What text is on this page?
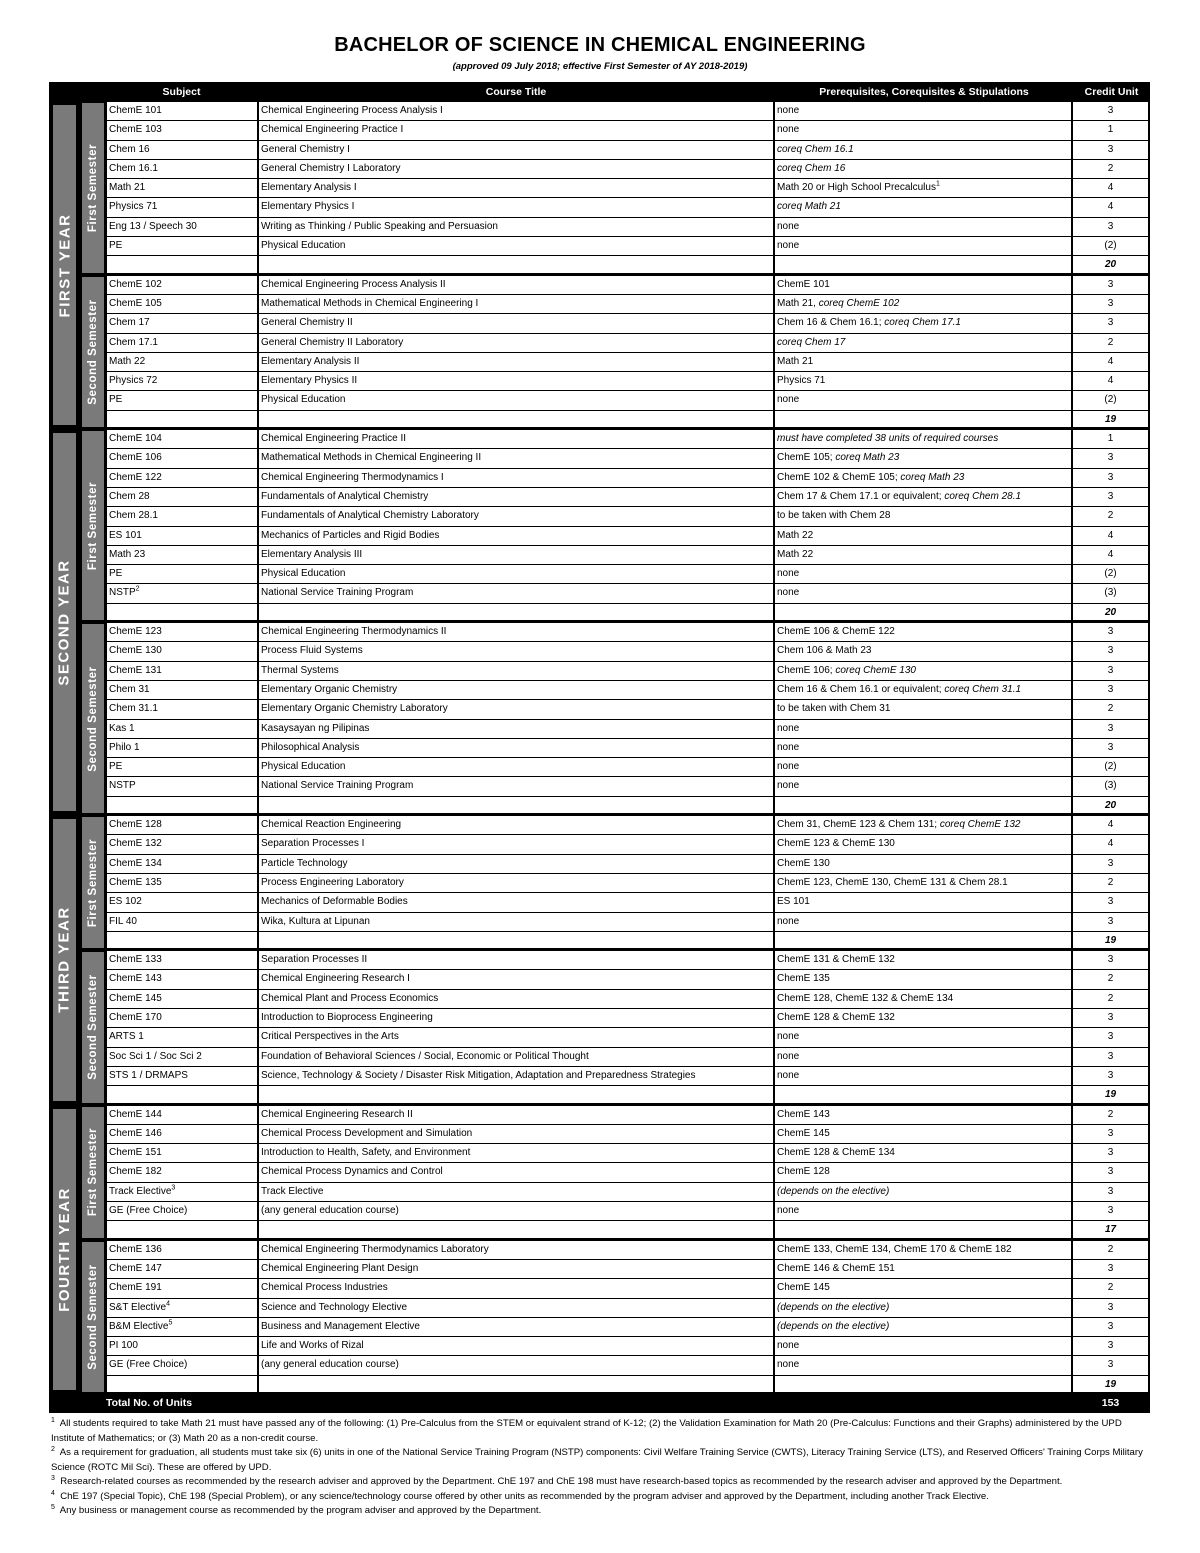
BACHELOR OF SCIENCE IN CHEMICAL ENGINEERING
(approved 09 July 2018; effective First Semester of AY 2018-2019)
Subject	Course Title	Prerequisites, Corequisites & Stipulations	Credit Unit
First Semester
ChemE 101	Chemical Engineering Process Analysis I	none	3
ChemE 103	Chemical Engineering Practice I	none	1
Chem 16	General Chemistry I	coreq Chem 16.1	3
Chem 16.1	General Chemistry I Laboratory	coreq Chem 16	2
Math 21	Elementary Analysis I	Math 20 or High School Precalculus$^1$	4
Physics 71	Elementary Physics I	coreq Math 21	4
Eng 13 / Speech 30	Writing as Thinking / Public Speaking and Persuasion	none	3
PE	Physical Education	none	(2)
20
Second Semester
ChemE 102	Chemical Engineering Process Analysis II	ChemE 101	3
ChemE 105	Mathematical Methods in Chemical Engineering I	Math 21, coreq ChemE 102	3
Chem 17	General Chemistry II	Chem 16 & Chem 16.1; coreq Chem 17.1	3
Chem 17.1	General Chemistry II Laboratory	coreq Chem 17	2
Math 22	Elementary Analysis II	Math 21	4
Physics 72	Elementary Physics II	Physics 71	4
PE	Physical Education	none	(2)
19
FIRST YEAR
First Semester
ChemE 104	Chemical Engineering Practice II	must have completed 38 units of required courses	1
ChemE 106	Mathematical Methods in Chemical Engineering II	ChemE 105; coreq Math 23	3
ChemE 122	Chemical Engineering Thermodynamics I	ChemE 102 & ChemE 105; coreq Math 23	3
Chem 28	Fundamentals of Analytical Chemistry	Chem 17 & Chem 17.1 or equivalent; coreq Chem 28.1	3
Chem 28.1	Fundamentals of Analytical Chemistry Laboratory	to be taken with Chem 28	2
ES 101	Mechanics of Particles and Rigid Bodies	Math 22	4
Math 23	Elementary Analysis III	Math 22	4
PE	Physical Education	none	(2)
NSTP$^2$	National Service Training Program	none	(3)
20
Second Semester
ChemE 123	Chemical Engineering Thermodynamics II	ChemE 106 & ChemE 122	3
ChemE 130	Process Fluid Systems	Chem 106 & Math 23	3
ChemE 131	Thermal Systems	ChemE 106; coreq ChemE 130	3
Chem 31	Elementary Organic Chemistry	Chem 16 & Chem 16.1 or equivalent; coreq Chem 31.1	3
Chem 31.1	Elementary Organic Chemistry Laboratory	to be taken with Chem 31	2
Kas 1	Kasaysayan ng Pilipinas	none	3
Philo 1	Philosophical Analysis	none	3
PE	Physical Education	none	(2)
NSTP	National Service Training Program	none	(3)
20
SECOND YEAR
First Semester
ChemE 128	Chemical Reaction Engineering	Chem 31, ChemE 123 & Chem 131; coreq ChemE 132	4
ChemE 132	Separation Processes I	ChemE 123 & ChemE 130	4
ChemE 134	Particle Technology	ChemE 130	3
ChemE 135	Process Engineering Laboratory	ChemE 123, ChemE 130, ChemE 131 & Chem 28.1	2
ES 102	Mechanics of Deformable Bodies	ES 101	3
FIL 40	Wika, Kultura at Lipunan	none	3
19
Second Semester
ChemE 133	Separation Processes II	ChemE 131 & ChemE 132	3
ChemE 143	Chemical Engineering Research I	ChemE 135	2
ChemE 145	Chemical Plant and Process Economics	ChemE 128, ChemE 132 & ChemE 134	2
ChemE 170	Introduction to Bioprocess Engineering	ChemE 128 & ChemE 132	3
ARTS 1	Critical Perspectives in the Arts	none	3
Soc Sci 1 / Soc Sci 2	Foundation of Behavioral Sciences / Social, Economic or Political Thought	none	3
STS 1 / DRMAPS	Science, Technology & Society / Disaster Risk Mitigation, Adaptation and Preparedness Strategies	none	3
19
THIRD YEAR
First Semester
ChemE 144	Chemical Engineering Research II	ChemE 143	2
ChemE 146	Chemical Process Development and Simulation	ChemE 145	3
ChemE 151	Introduction to Health, Safety, and Environment	ChemE 128 & ChemE 134	3
ChemE 182	Chemical Process Dynamics and Control	ChemE 128	3
Track Elective$^3$	Track Elective	(depends on the elective)	3
GE (Free Choice)	(any general education course)	none	3
17
Second Semester
ChemE 136	Chemical Engineering Thermodynamics Laboratory	ChemE 133, ChemE 134, ChemE 170 & ChemE 182	2
ChemE 147	Chemical Engineering Plant Design	ChemE 146 & ChemE 151	3
ChemE 191	Chemical Process Industries	ChemE 145	2
S&T Elective$^4$	Science and Technology Elective	(depends on the elective)	3
B&M Elective$^5$	Business and Management Elective	(depends on the elective)	3
PI 100	Life and Works of Rizal	none	3
GE (Free Choice)	(any general education course)	none	3
19
FOURTH YEAR
Total No. of Units	153

$^1$ All students required to take Math 21 must have passed any of the following: (1) Pre-Calculus from the STEM or equivalent strand of K-12; (2) the Validation Examination for Math 20 (Pre-Calculus: Functions and their Graphs) administered by the UPD Institute of Mathematics; or (3) Math 20 as a non-credit course.

$^2$ As a requirement for graduation, all students must take six (6) units in one of the National Service Training Program (NSTP) components: Civil Welfare Training Service (CWTS), Literacy Training Service (LTS), and Reserved Officers' Training Corps Military Science (ROTC Mil Sci). These are offered by UPD.

$^3$ Research-related courses as recommended by the research adviser and approved by the Department. ChE 197 and ChE 198 must have research-based topics as recommended by the research adviser and approved by the Department.

$^4$ ChE 197 (Special Topic), ChE 198 (Special Problem), or any science/technology course offered by other units as recommended by the program adviser and approved by the Department, including another Track Elective.

$^5$ Any business or management course as recommended by the program adviser and approved by the Department.
